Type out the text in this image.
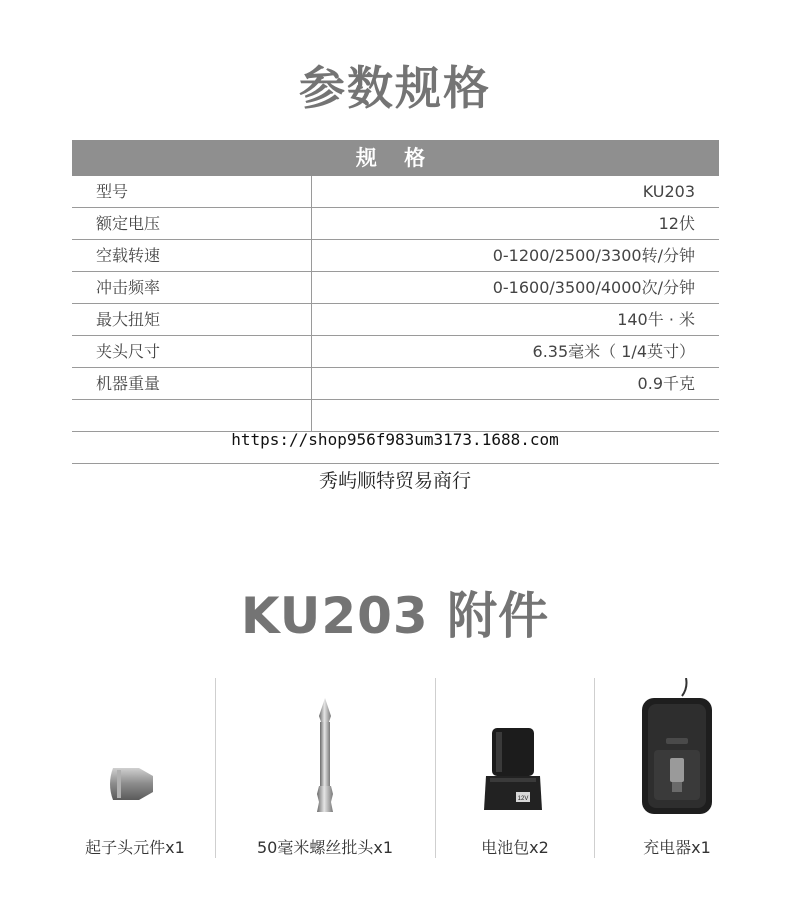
参数规格
规 格
型号	KU203
额定电压	12伏
空载转速	0-1200/2500/3300转/分钟
冲击频率	0-1600/3500/4000次/分钟
最大扭矩	140牛 · 米
夹头尺寸	6.35毫米（ 1/4英寸）
机器重量	0.9千克
https://shop956f983um3173.1688.com
秀屿顺特贸易商行
KU203 附件
起子头元件x1	50毫米螺丝批头x1
12V
电池包x2	充电器x1
